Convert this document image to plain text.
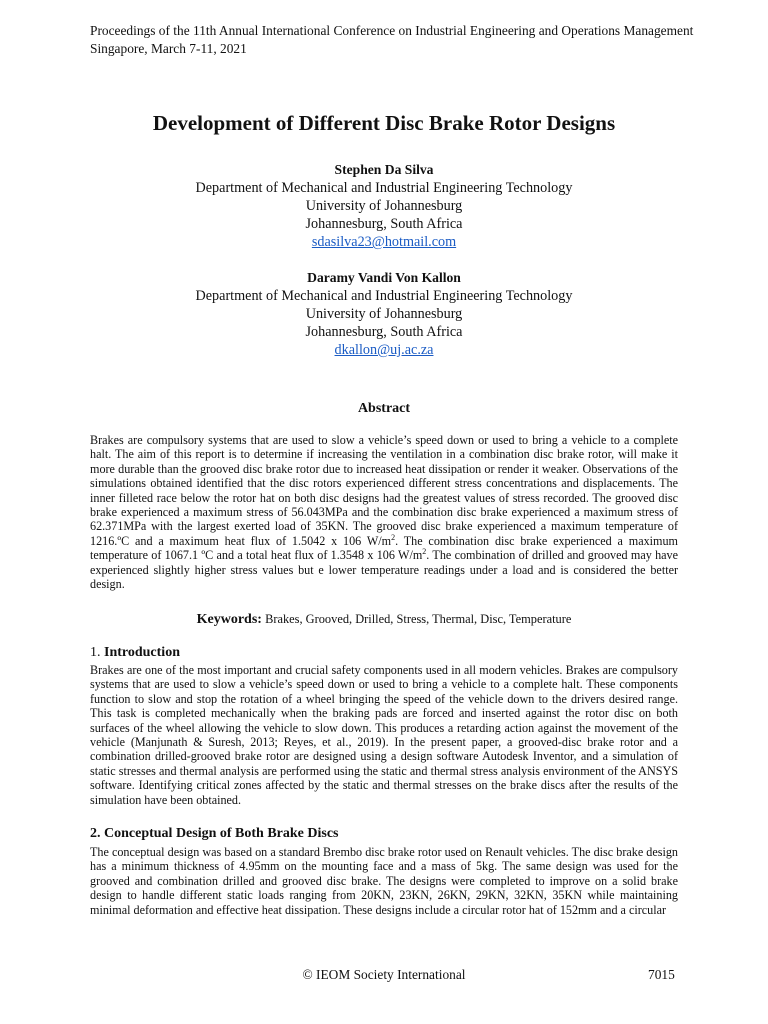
Proceedings of the 11th Annual International Conference on Industrial Engineering and Operations Management
Singapore, March 7-11, 2021
Development of Different Disc Brake Rotor Designs
Stephen Da Silva
Department of Mechanical and Industrial Engineering Technology
University of Johannesburg
Johannesburg, South Africa
sdasilva23@hotmail.com
Daramy Vandi Von Kallon
Department of Mechanical and Industrial Engineering Technology
University of Johannesburg
Johannesburg, South Africa
dkallon@uj.ac.za
Abstract
Brakes are compulsory systems that are used to slow a vehicle’s speed down or used to bring a vehicle to a complete halt. The aim of this report is to determine if increasing the ventilation in a combination disc brake rotor, will make it more durable than the grooved disc brake rotor due to increased heat dissipation or render it weaker. Observations of the simulations obtained identified that the disc rotors experienced different stress concentrations and displacements. The inner filleted race below the rotor hat on both disc designs had the greatest values of stress recorded. The grooved disc brake experienced a maximum stress of 56.043MPa and the combination disc brake experienced a maximum stress of 62.371MPa with the largest exerted load of 35KN. The grooved disc brake experienced a maximum temperature of 1216.ºC and a maximum heat flux of 1.5042 x 106 $W/m^2$. The combination disc brake experienced a maximum temperature of 1067.1 ºC and a total heat flux of 1.3548 x 106 $W/m^2$. The combination of drilled and grooved may have experienced slightly higher stress values but e lower temperature readings under a load and is considered the better design.
Keywords: Brakes, Grooved, Drilled, Stress, Thermal, Disc, Temperature
1. Introduction
Brakes are one of the most important and crucial safety components used in all modern vehicles. Brakes are compulsory systems that are used to slow a vehicle’s speed down or used to bring a vehicle to a complete halt. These components function to slow and stop the rotation of a wheel bringing the speed of the vehicle down to the drivers desired range. This task is completed mechanically when the braking pads are forced and inserted against the rotor disc on both surfaces of the wheel allowing the vehicle to slow down. This produces a retarding action against the movement of the vehicle (Manjunath & Suresh, 2013; Reyes, et al., 2019). In the present paper, a grooved-disc brake rotor and a combination drilled-grooved brake rotor are designed using a design software Autodesk Inventor, and a simulation of static stresses and thermal analysis are performed using the static and thermal stress analysis environment of the ANSYS software. Identifying critical zones affected by the static and thermal stresses on the brake discs after the results of the simulation have been obtained.
2. Conceptual Design of Both Brake Discs
The conceptual design was based on a standard Brembo disc brake rotor used on Renault vehicles. The disc brake design has a minimum thickness of 4.95mm on the mounting face and a mass of 5kg. The same design was used for the grooved and combination drilled and grooved disc brake. The designs were completed to improve on a solid brake design to handle different static loads ranging from 20KN, 23KN, 26KN, 29KN, 32KN, 35KN while maintaining minimal deformation and effective heat dissipation. These designs include a circular rotor hat of 152mm and a circular
© IEOM Society International	7015
